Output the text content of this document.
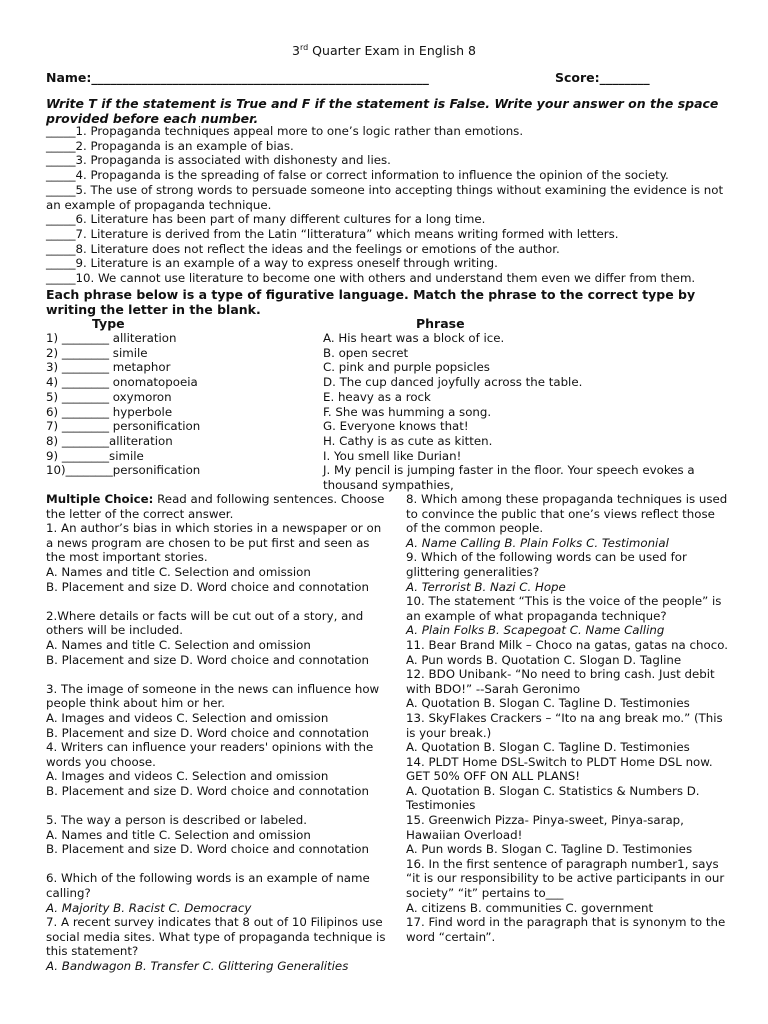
3rd Quarter Exam in English 8
Name:______________________________________________________	Score:________
Write T if the statement is True and F if the statement is False. Write your answer on the space provided before each number.
_____1. Propaganda techniques appeal more to one’s logic rather than emotions.
_____2. Propaganda is an example of bias.
_____3. Propaganda is associated with dishonesty and lies.
_____4. Propaganda is the spreading of false or correct information to influence the opinion of the society.
_____5. The use of strong words to persuade someone into accepting things without examining the evidence is not an example of propaganda technique.
_____6. Literature has been part of many different cultures for a long time.
_____7. Literature is derived from the Latin “litteratura” which means writing formed with letters.
_____8. Literature does not reflect the ideas and the feelings or emotions of the author.
_____9. Literature is an example of a way to express oneself through writing.
_____10. We cannot use literature to become one with others and understand them even we differ from them.
Each phrase below is a type of figurative language. Match the phrase to the correct type by writing the letter in the blank.
Type	Phrase
1) ________ alliteration
2) ________ simile
3) ________ metaphor
4) ________ onomatopoeia
5) ________ oxymoron
6) ________ hyperbole
7) ________ personification
8) ________alliteration
9) ________simile
10)________personification
A. His heart was a block of ice.
B. open secret
C. pink and purple popsicles
D. The cup danced joyfully across the table.
E. heavy as a rock
F. She was humming a song.
G. Everyone knows that!
H. Cathy is as cute as kitten.
I. You smell like Durian!
J. My pencil is jumping faster in the floor. Your speech evokes a thousand sympathies,

Multiple Choice: Read and following sentences. Choose the letter of the correct answer.

1. An author’s bias in which stories in a newspaper or on a news program are chosen to be put first and seen as the most important stories.

A. Names and title C. Selection and omission

B. Placement and size D. Word choice and connotation

2.Where details or facts will be cut out of a story, and others will be included.

A. Names and title C. Selection and omission

B. Placement and size D. Word choice and connotation

3. The image of someone in the news can influence how people think about him or her.

A. Images and videos C. Selection and omission

B. Placement and size D. Word choice and connotation

4. Writers can influence your readers' opinions with the words you choose.

A. Images and videos C. Selection and omission

B. Placement and size D. Word choice and connotation

5. The way a person is described or labeled.

A. Names and title C. Selection and omission

B. Placement and size D. Word choice and connotation

6. Which of the following words is an example of name calling?

A. Majority B. Racist C. Democracy

7. A recent survey indicates that 8 out of 10 Filipinos use social media sites. What type of propaganda technique is this statement?

A. Bandwagon B. Transfer C. Glittering Generalities

8. Which among these propaganda techniques is used to convince the public that one’s views reflect those of the common people.

A. Name Calling B. Plain Folks C. Testimonial

9. Which of the following words can be used for glittering generalities?

A. Terrorist B. Nazi C. Hope

10. The statement “This is the voice of the people” is an example of what propaganda technique?

A. Plain Folks B. Scapegoat C. Name Calling

11. Bear Brand Milk – Choco na gatas, gatas na choco.

A. Pun words B. Quotation C. Slogan D. Tagline

12. BDO Unibank- “No need to bring cash. Just debit with BDO!” --Sarah Geronimo

A. Quotation B. Slogan C. Tagline D. Testimonies

13. SkyFlakes Crackers – “Ito na ang break mo.” (This is your break.)

A. Quotation B. Slogan C. Tagline D. Testimonies

14. PLDT Home DSL-Switch to PLDT Home DSL now. GET 50% OFF ON ALL PLANS!

A. Quotation B. Slogan C. Statistics & Numbers D. Testimonies

15. Greenwich Pizza- Pinya-sweet, Pinya-sarap, Hawaiian Overload!

A. Pun words B. Slogan C. Tagline D. Testimonies

16. In the first sentence of paragraph number1, says “it is our responsibility to be active participants in our society” “it” pertains to___

A. citizens B. communities C. government

17. Find word in the paragraph that is synonym to the word “certain”.
